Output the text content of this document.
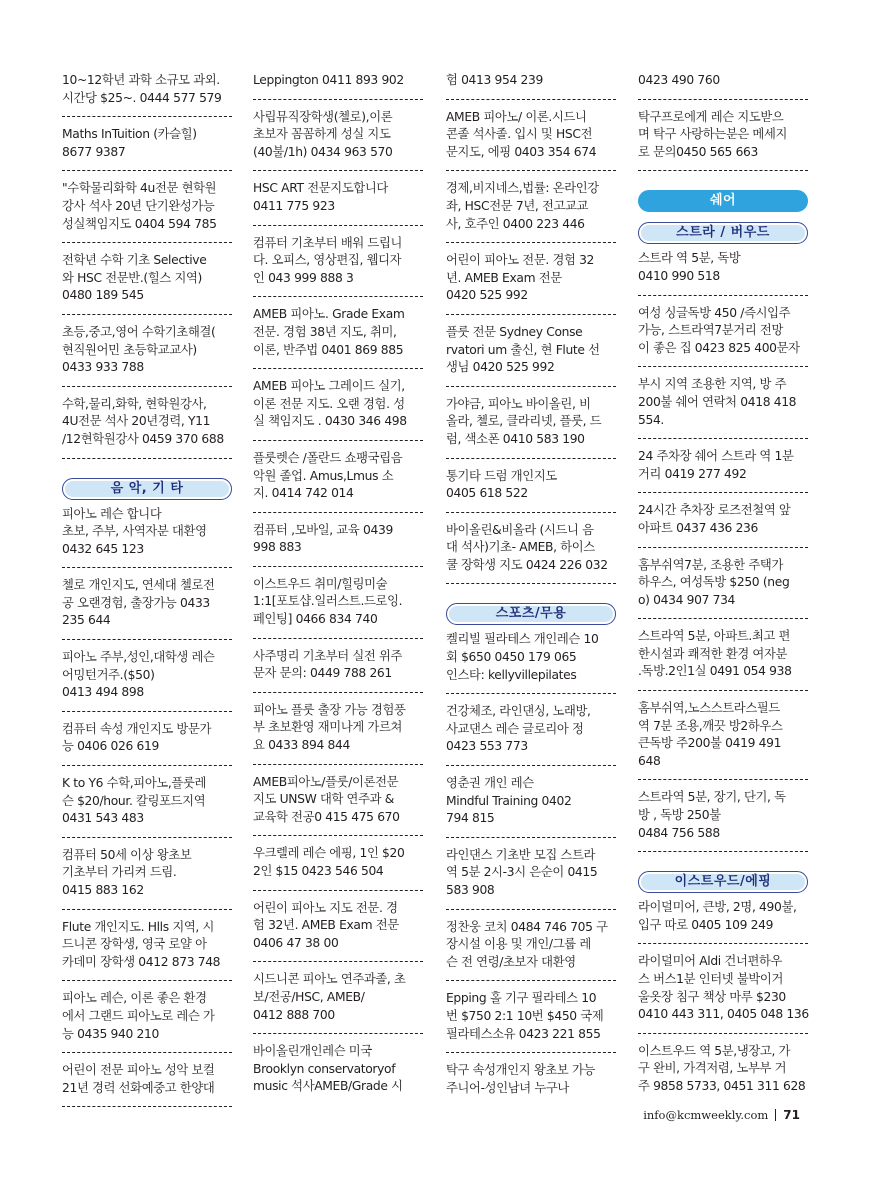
10~12학년 과학 소규모 과외.
시간당 $25~. 0444 577 579
Maths InTuition (카슬힐)
8677 9387
"수학물리화학 4u전문 현학원
강사 석사 20년 단기완성가능
성실책임지도 0404 594 785
전학년 수학 기초 Selective
와 HSC 전문반.(힐스 지역)
0480 189 545
초등,중고,영어 수학기초해결(
현직원어민 초등학교교사)
0433 933 788
수학,물리,화학, 현학원강사,
4U전문 석사 20년경력, Y11
/12현학원강사 0459 370 688
음 악, 기 타
피아노 레슨 합니다
초보, 주부, 사역자분 대환영
0432 645 123
첼로 개인지도, 연세대 첼로전
공 오랜경험, 출장가능 0433
235 644
피아노 주부,성인,대학생 레슨
어밍턴거주.($50)
0413 494 898
컴퓨터 속성 개인지도 방문가
능 0406 026 619
K to Y6 수학,피아노,플룻레
슨 $20/hour. 칼링포드지역
0431 543 483
컴퓨터 50세 이상 왕초보
기초부터 가리켜 드림.
0415 883 162
Flute 개인지도. Hlls 지역, 시
드니콘 장학생, 영국 로얄 아
카데미 장학생 0412 873 748
피아노 레슨, 이론 좋은 환경
에서 그랜드 피아노로 레슨 가
능 0435 940 210
어린이 전문 피아노 성악 보컬
21년 경력 선화예중고 한양대
Leppington 0411 893 902
사립뮤직장학생(첼로),이론
초보자 꼼꼼하게 성실 지도
(40불/1h) 0434 963 570
HSC ART 전문지도합니다
0411 775 923
컴퓨터 기초부터 배워 드립니
다. 오피스, 영상편집, 웹디자
인 043 999 888 3
AMEB 피아노. Grade Exam
전문. 경험 38년 지도, 취미,
이론, 반주법 0401 869 885
AMEB 피아노 그레이드 실기,
이론 전문 지도. 오랜 경험. 성
실 책임지도 . 0430 346 498
플룻렛슨 /폴란드 쇼팽국립음
악원 졸업. Amus,Lmus 소
지. 0414 742 014
컴퓨터 ,모바일, 교육 0439
998 883
이스트우드 취미/힐링미술
1:1[포토샵.일러스트.드로잉.
페인팅] 0466 834 740
사주명리 기초부터 실전 위주
문자 문의: 0449 788 261
피아노 플룻 출장 가능 경험풍
부 초보환영 재미나게 가르쳐
요 0433 894 844
AMEB피아노/플룻/이론전문
지도 UNSW 대학 연주과 &
교육학 전공0 415 475 670
우크렐레 레슨 에핑, 1인 $20
2인 $15 0423 546 504
어린이 피아노 지도 전문. 경
험 32년. AMEB Exam 전문
0406 47 38 00
시드니콘 피아노 연주과졸, 초
보/전공/HSC, AMEB/
0412 888 700
바이올린개인레슨 미국
Brooklyn conservatoryof
music 석사AMEB/Grade 시
험 0413 954 239
AMEB 피아노/ 이론.시드니
콘졸 석사졸. 입시 및 HSC전
문지도, 에핑 0403 354 674
경제,비지네스,법률: 온라인강
좌, HSC전문 7년, 전고교교
사, 호주인 0400 223 446
어린이 피아노 전문. 경험 32
년. AMEB Exam 전문
0420 525 992
플룻 전문 Sydney Conse
rvatori um 출신, 현 Flute 선
생님 0420 525 992
가야금, 피아노 바이올린, 비
올라, 첼로, 클라리넷, 플룻, 드
럼, 색소폰 0410 583 190
통기타 드럼 개인지도
0405 618 522
바이올린&비올라 (시드니 음
대 석사)기초- AMEB, 하이스
쿨 장학생 지도 0424 226 032
스포츠/무용
켈리빌 필라테스 개인레슨 10
회 $650 0450 179 065
인스타: kellyvillepilates
건강체조, 라인댄싱, 노래방,
사교댄스 레슨 글로리아 정
0423 553 773
영춘권 개인 레슨
Mindful Training 0402
794 815
라인댄스 기초반 모집 스트라
역 5분 2시-3시 은순이 0415
583 908
정찬웅 코치 0484 746 705 구
장시설 이용 및 개인/그룹 레
슨 전 연령/초보자 대환영
Epping 홀 기구 필라테스 10
번 $750 2:1 10번 $450 국제
필라테스소유 0423 221 855
탁구 속성개인지 왕초보 가능
주니어-성인남녀 누구나
0423 490 760
탁구프로에게 레슨 지도받으
며 탁구 사랑하는분은 메세지
로 문의0450 565 663
쉐어
스트라 / 버우드
스트라 역 5분, 독방
0410 990 518
여성 싱글독방 450 /즉시입주
가능, 스트라역7분거리 전망
이 좋은 집 0423 825 400문자
부시 지역 조용한 지역, 방 주
200불 쉐어 연락처 0418 418
554.
24 주차장 쉐어 스트라 역 1분
거리 0419 277 492
24시간 추차장 로즈전철역 앞
아파트 0437 436 236
홈부쉬역7분, 조용한 주택가
하우스, 여성독방 $250 (neg
o) 0434 907 734
스트라역 5분, 아파트.최고 편
한시설과 쾌적한 환경 여자분
.독방.2인1실 0491 054 938
홈부쉬역,노스스트라스필드
역 7분 조용,깨끗 방2하우스
큰독방 주200불 0419 491
648
스트라역 5분, 장기, 단기, 독
방 , 독방 250불
0484 756 588
이스트우드/에핑
라이덜미어, 큰방, 2명, 490불,
입구 따로 0405 109 249
라이덜미어 Aldi 건너편하우
스 버스1분 인터넷 불박이거
울옷장 침구 책상 마루 $230
0410 443 311, 0405 048 136
이스트우드 역 5분,냉장고, 가
구 완비, 가격저렴, 노부부 거
주 9858 5733, 0451 311 628
info@kcmweekly.com 71
